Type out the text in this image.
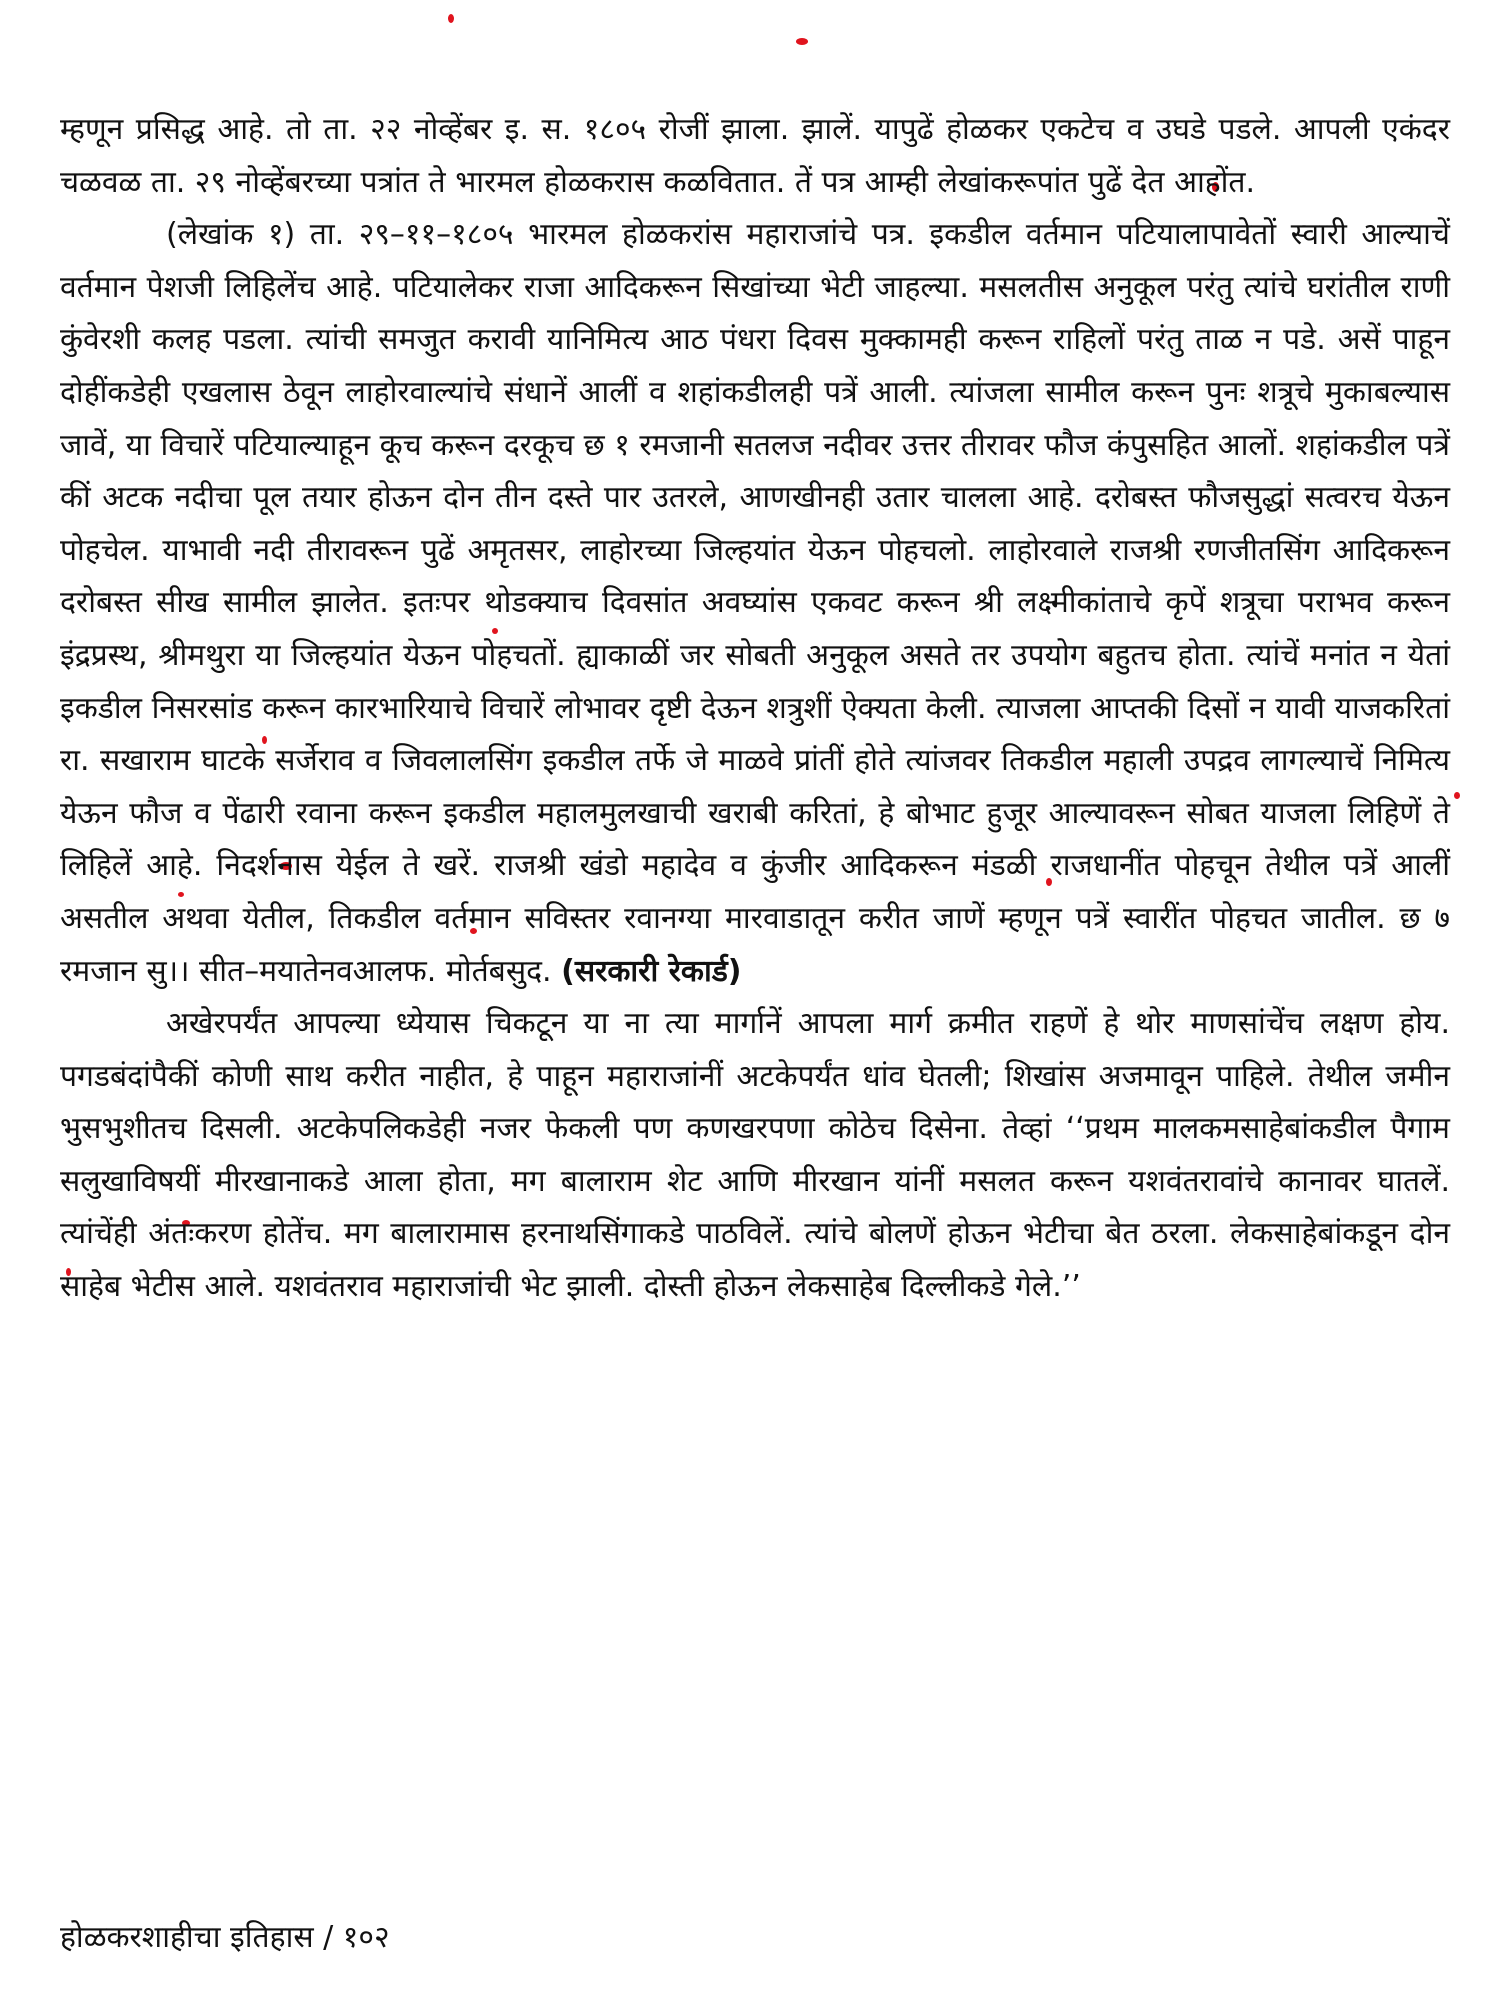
म्हणून प्रसिद्ध आहे. तो ता. २२ नोव्हेंबर इ. स. १८०५ रोजीं झाला. झालें. यापुढें होळकर एकटेच व उघडे पडले. आपली एकंदर चळवळ ता. २९ नोव्हेंबरच्या पत्रांत ते भारमल होळकरास कळवितात. तें पत्र आम्ही लेखांकरूपांत पुढें देत आहोंत.

(लेखांक १) ता. २९–११–१८०५ भारमल होळकरांस महाराजांचे पत्र. इकडील वर्तमान पटियालापावेतों स्वारी आल्याचें वर्तमान पेशजी लिहिलेंच आहे. पटियालेकर राजा आदिकरून सिखांच्या भेटी जाहल्या. मसलतीस अनुकूल परंतु त्यांचे घरांतील राणी कुंवेरशी कलह पडला. त्यांची समजुत करावी यानिमित्य आठ पंधरा दिवस मुक्कामही करून राहिलों परंतु ताळ न पडे. असें पाहून दोहींकडेही एखलास ठेवून लाहोरवाल्यांचे संधानें आलीं व शहांकडीलही पत्रें आली. त्यांजला सामील करून पुनः शत्रूचे मुकाबल्यास जावें, या विचारें पटियाल्याहून कूच करून दरकूच छ १ रमजानी सतलज नदीवर उत्तर तीरावर फौज कंपुसहित आलों. शहांकडील पत्रें कीं अटक नदीचा पूल तयार होऊन दोन तीन दस्ते पार उतरले, आणखीनही उतार चालला आहे. दरोबस्त फौजसुद्धां सत्वरच येऊन पोहचेल. याभावी नदी तीरावरून पुढें अमृतसर, लाहोरच्या जिल्हयांत येऊन पोहचलो. लाहोरवाले राजश्री रणजीतसिंग आदिकरून दरोबस्त सीख सामील झालेत. इतःपर थोडक्याच दिवसांत अवघ्यांस एकवट करून श्री लक्ष्मीकांताचे कृपें शत्रूचा पराभव करून इंद्रप्रस्थ, श्रीमथुरा या जिल्हयांत येऊन पोहचतों. ह्याकाळीं जर सोबती अनुकूल असते तर उपयोग बहुतच होता. त्यांचें मनांत न येतां इकडील निसरसांड करून कारभारियाचे विचारें लोभावर दृष्टी देऊन शत्रुशीं ऐक्यता केली. त्याजला आप्तकी दिसों न यावी याजकरितां रा. सखाराम घाटके सर्जेराव व जिवलालसिंग इकडील तर्फे जे माळवे प्रांतीं होते त्यांजवर तिकडील महाली उपद्रव लागल्याचें निमित्य येऊन फौज व पेंढारी रवाना करून इकडील महालमुलखाची खराबी करितां, हे बोभाट हुजूर आल्यावरून सोबत याजला लिहिणें ते लिहिलें आहे. निदर्शनास येईल ते खरें. राजश्री खंडो महादेव व कुंजीर आदिकरून मंडळी राजधानींत पोहचून तेथील पत्रें आलीं असतील अथवा येतील, तिकडील वर्तमान सविस्तर रवानग्या मारवाडातून करीत जाणें म्हणून पत्रें स्वारींत पोहचत जातील. छ ७ रमजान सु।। सीत–मयातेनवआलफ. मोर्तबसुद. (सरकारी रेकार्ड)

अखेरपर्यंत आपल्या ध्येयास चिकटून या ना त्या मार्गानें आपला मार्ग क्रमीत राहणें हे थोर माणसांचेंच लक्षण होय. पगडबंदांपैकीं कोणी साथ करीत नाहीत, हे पाहून महाराजांनीं अटकेपर्यंत धांव घेतली; शिखांस अजमावून पाहिले. तेथील जमीन भुसभुशीतच दिसली. अटकेपलिकडेही नजर फेकली पण कणखरपणा कोठेच दिसेना. तेव्हां ‘‘प्रथम मालकमसाहेबांकडील पैगाम सलुखाविषयीं मीरखानाकडे आला होता, मग बालाराम शेट आणि मीरखान यांनीं मसलत करून यशवंतरावांचे कानावर घातलें. त्यांचेंही अंतःकरण होतेंच. मग बालारामास हरनाथसिंगाकडे पाठविलें. त्यांचे बोलणें होऊन भेटीचा बेत ठरला. लेकसाहेबांकडून दोन साहेब भेटीस आले. यशवंतराव महाराजांची भेट झाली. दोस्ती होऊन लेकसाहेब दिल्लीकडे गेले.’’

होळकरशाहीचा इतिहास / १०२
